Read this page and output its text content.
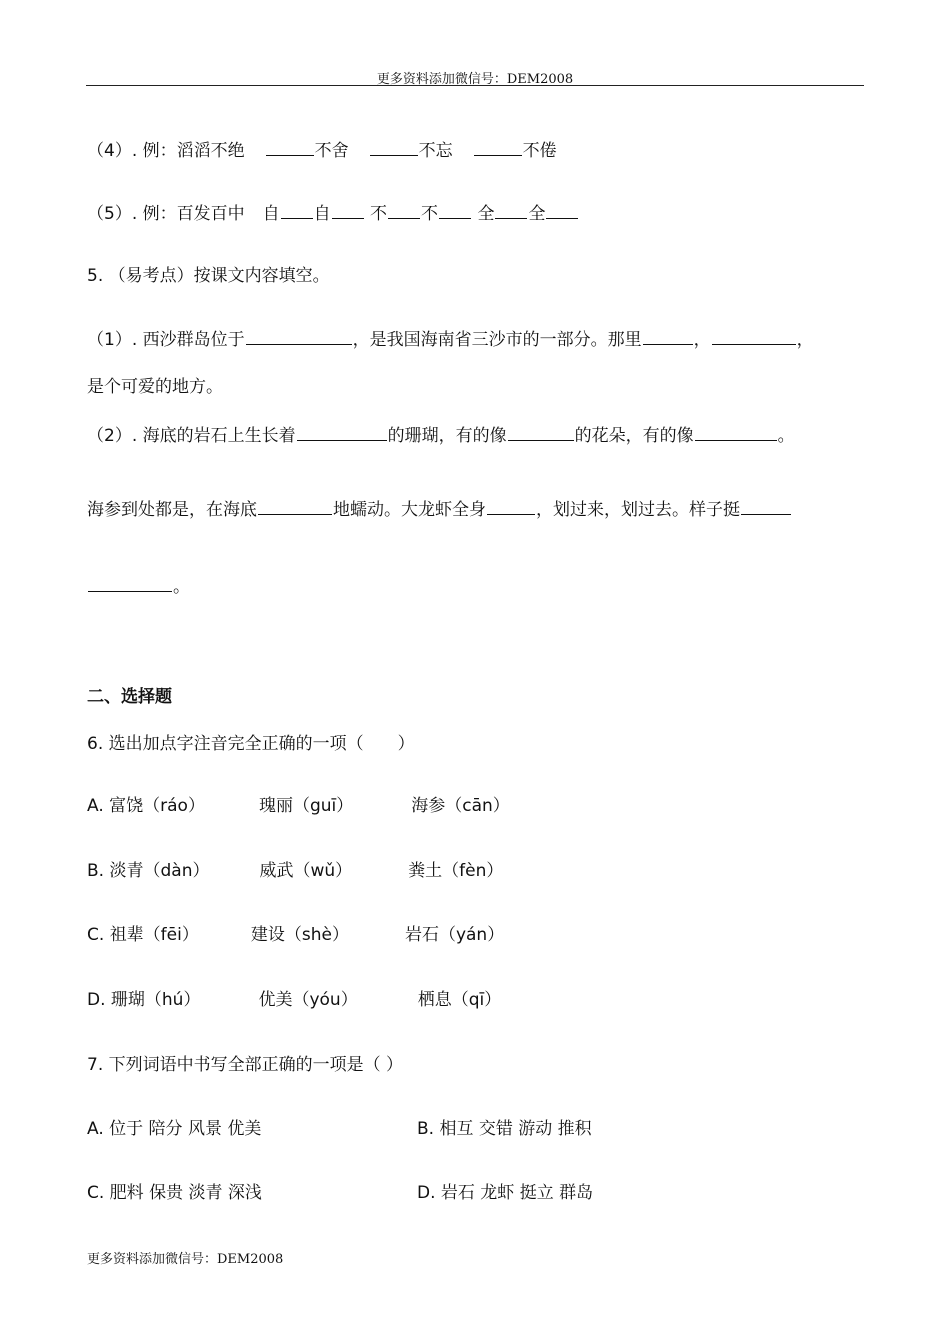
更多资料添加微信号：DEM2008
（4）. 例：滔滔不绝	不舍	不忘	不倦
（5）. 例：百发百中 自 自 不 不 全 全
5. （易考点）按课文内容填空。
（1）. 西沙群岛位于	，是我国海南省三沙市的一部分。那里	，	，
是个可爱的地方。
（2）. 海底的岩石上生长着	的珊瑚，有的像	的花朵，有的像	。
海参到处都是，在海底	地蠕动。大龙虾全身	，划过来，划过去。样子挺
。
二、选择题
6. 选出加点字注音完全正确的一项（　　）
A. 富饶（ráo）	瑰丽（guī）	海参（cān）
B. 淡青（dàn）	威武（wǔ）	粪土（fèn）
C. 祖辈（fēi）	建设（shè）	岩石（yán）
D. 珊瑚（hú）	优美（yóu）	栖息（qī）
7. 下列词语中书写全部正确的一项是（ ）
A. 位于 陪分 风景 优美	B. 相互 交错 游动 推积
C. 肥料 保贵 淡青 深浅	D. 岩石 龙虾 挺立 群岛
更多资料添加微信号：DEM2008
